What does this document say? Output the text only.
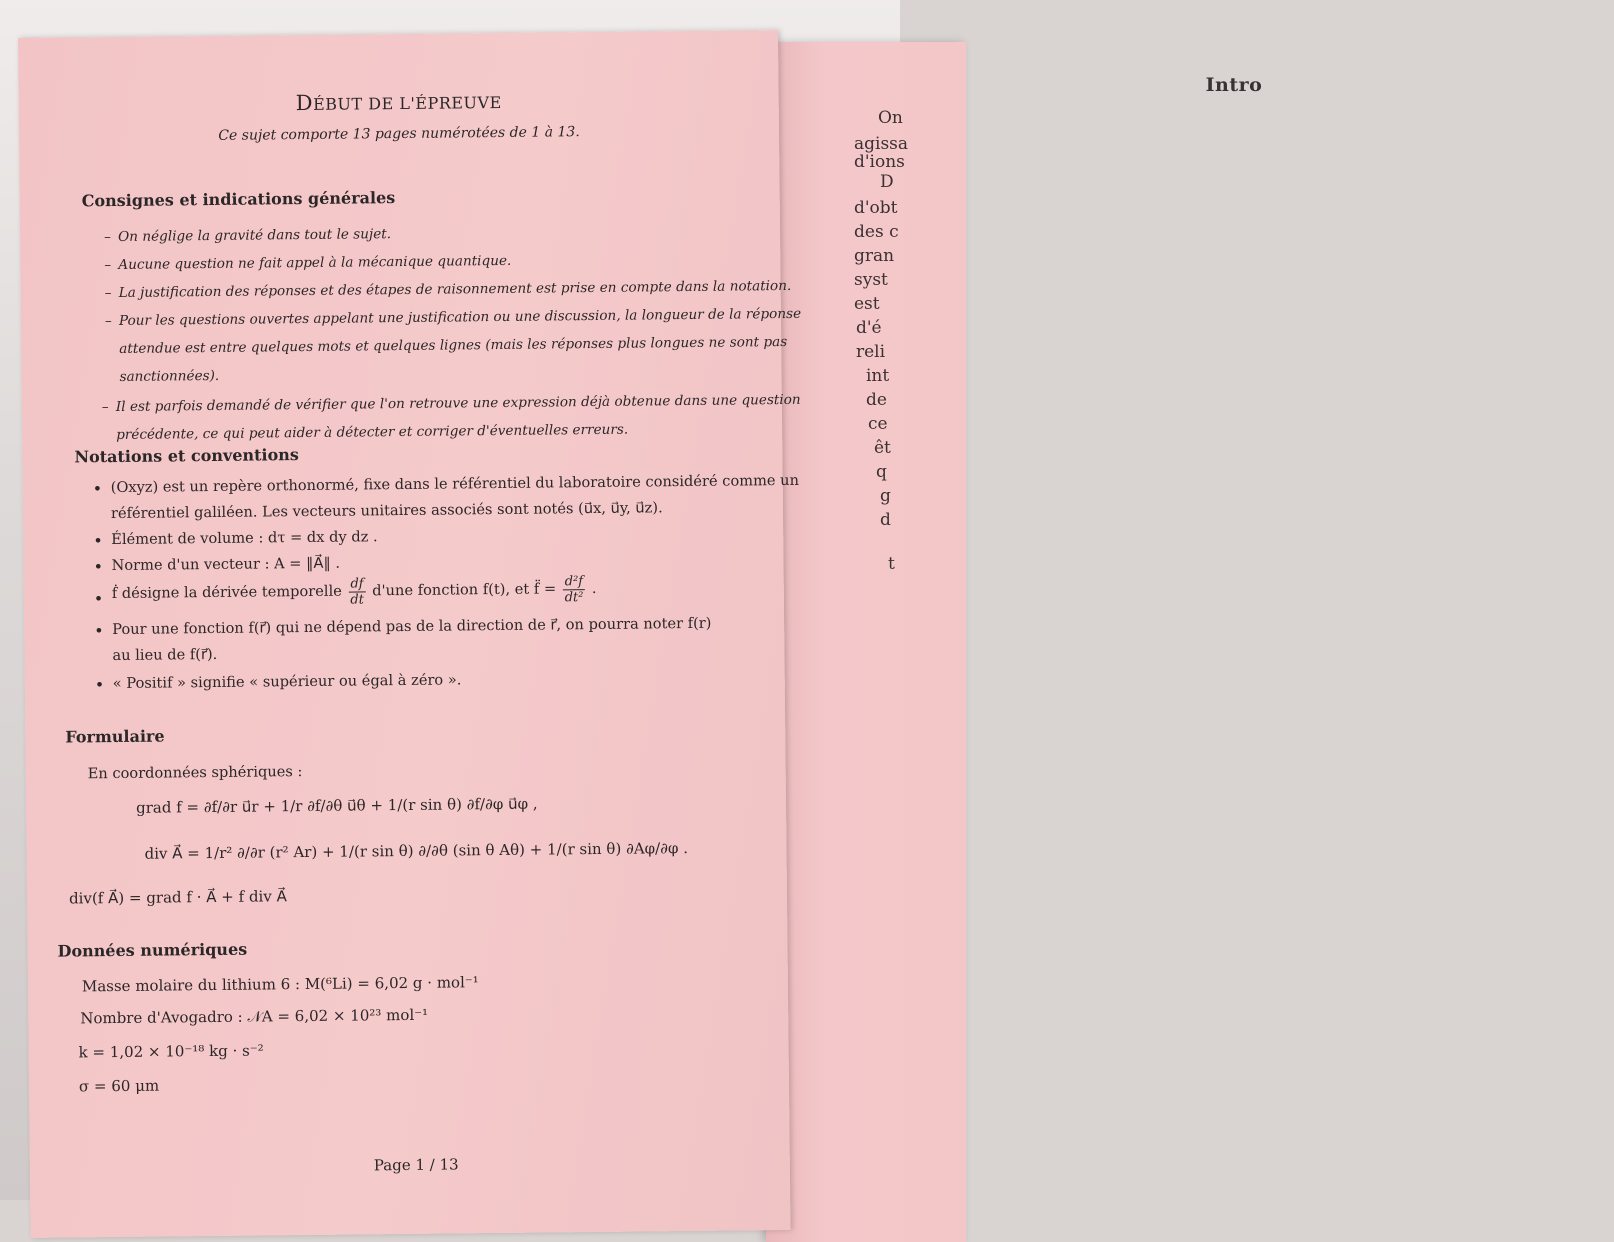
Intro
On
agissa
d'ions
D
d'obt
des c
gran
syst
est
d'é
reli
int
de
ce
êt
q
g
d
t
DÉBUT DE L'ÉPREUVE
Ce sujet comporte 13 pages numérotées de 1 à 13.
Consignes et indications générales
– On néglige la gravité dans tout le sujet.
– Aucune question ne fait appel à la mécanique quantique.
– La justification des réponses et des étapes de raisonnement est prise en compte dans la notation.
– Pour les questions ouvertes appelant une justification ou une discussion, la longueur de la réponse
attendue est entre quelques mots et quelques lignes (mais les réponses plus longues ne sont pas
sanctionnées).
– Il est parfois demandé de vérifier que l'on retrouve une expression déjà obtenue dans une question
précédente, ce qui peut aider à détecter et corriger d'éventuelles erreurs.
Notations et conventions
• (Oxyz) est un repère orthonormé, fixe dans le référentiel du laboratoire considéré comme un
référentiel galiléen. Les vecteurs unitaires associés sont notés (u⃗x, u⃗y, u⃗z).
• Élément de volume : dτ = dx dy dz .
• Norme d'un vecteur : A = ‖A⃗‖ .
• ḟ désigne la dérivée temporelle $\frac{df}{dt} d'une$ fonction f(t), et f̈ = $\frac{\text{d²f}}{\text{dt²}}$ .
• Pour une fonction f(r⃗) qui ne dépend pas de la direction de r⃗, on pourra noter f(r)
au lieu de f(r⃗).
• « Positif » signifie « supérieur ou égal à zéro ».
Formulaire
En coordonnées sphériques :
grad f = ∂f/∂r u⃗r + 1/r ∂f/∂θ u⃗θ + 1/(r sin θ) ∂f/∂φ u⃗φ ,
div A⃗ = 1/r² ∂/∂r (r² Ar) + 1/(r sin θ) ∂/∂θ (sin θ Aθ) + 1/(r sin θ) ∂Aφ/∂φ .
div(f A⃗) = grad f · A⃗ + f div A⃗
Données numériques
Masse molaire du lithium 6 : M(⁶Li) = 6,02 g · mol⁻¹
Nombre d'Avogadro : 𝒩A = 6,02 × 10²³ mol⁻¹
k = 1,02 × 10⁻¹⁸ kg · s⁻²
σ = 60 μm
Page 1 / 13
